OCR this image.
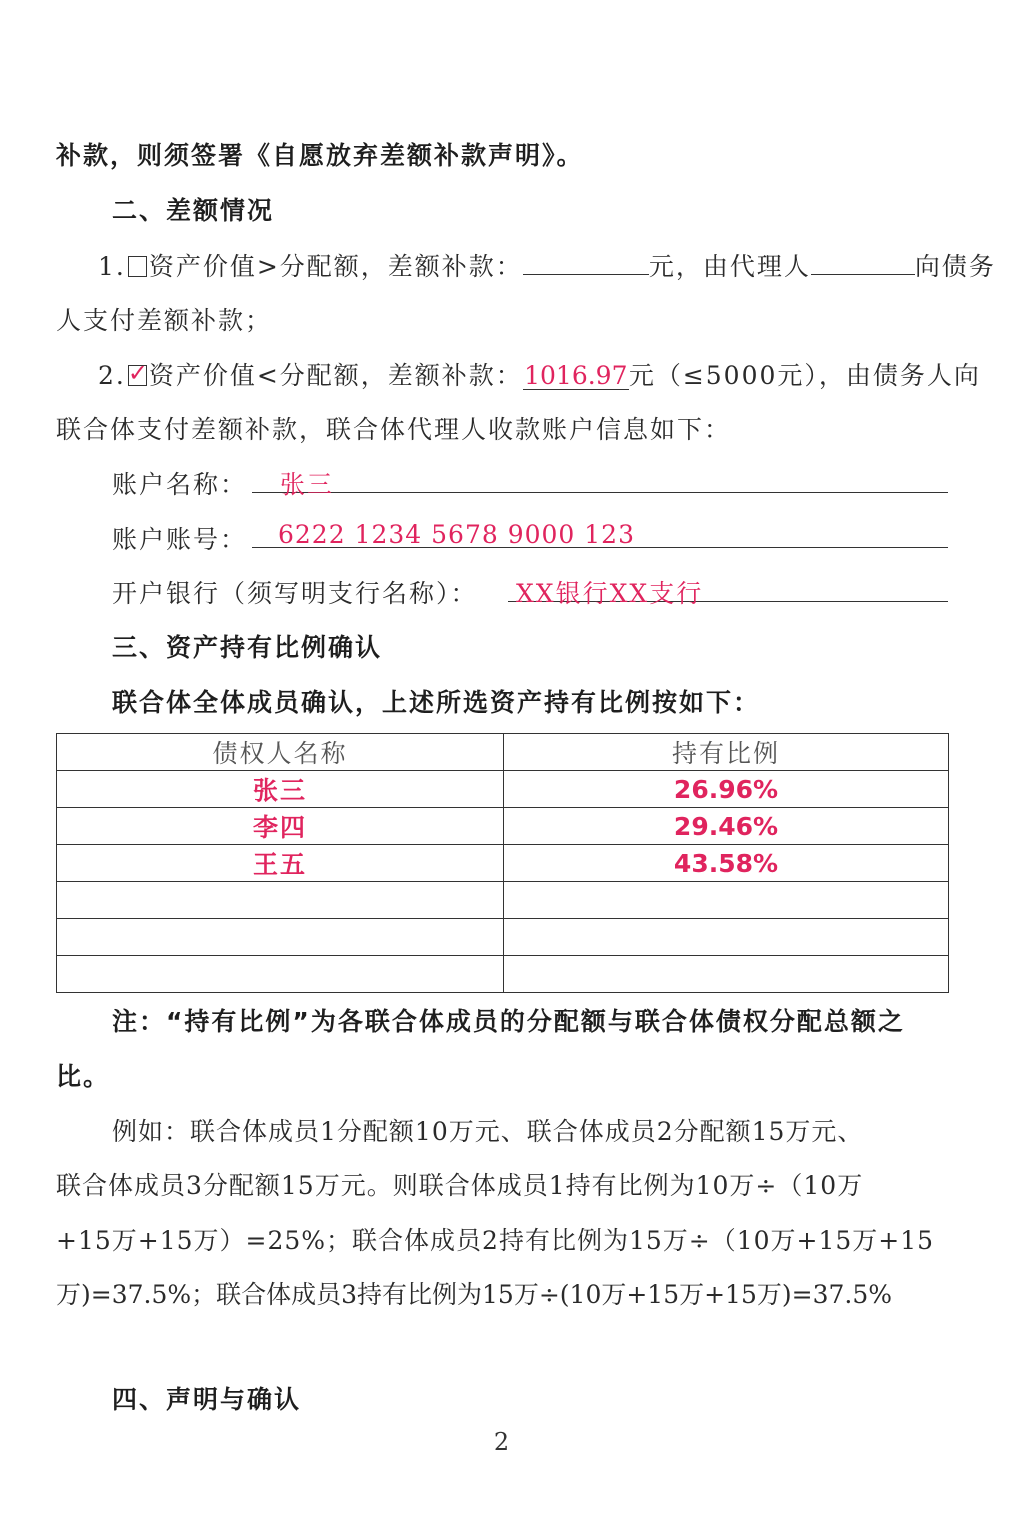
补款，则须签署《自愿放弃差额补款声明》。
二、差额情况
1. 资产价值>分配额，差额补款：	元，由代理人	向债务
人支付差额补款；
2. ✓ 资产价值<分配额，差额补款：1016.97元（≤5000元），由债务人向
联合体支付差额补款，联合体代理人收款账户信息如下：
账户名称：	张三
账户账号：	6222 1234 5678 9000 123
开户银行（须写明支行名称）：	XX银行XX支行
三、资产持有比例确认
联合体全体成员确认，上述所选资产持有比例按如下：
债权人名称	持有比例
张三	26.96%
李四	29.46%
王五	43.58%

注：“持有比例”为各联合体成员的分配额与联合体债权分配总额之
比。
例如：联合体成员1分配额10万元、联合体成员2分配额15万元、
联合体成员3分配额15万元。则联合体成员1持有比例为10万÷（10万
+15万+15万）=25%；联合体成员2持有比例为15万÷（10万+15万+15
万)=37.5%；联合体成员3持有比例为15万÷(10万+15万+15万)=37.5%
四、声明与确认
2
